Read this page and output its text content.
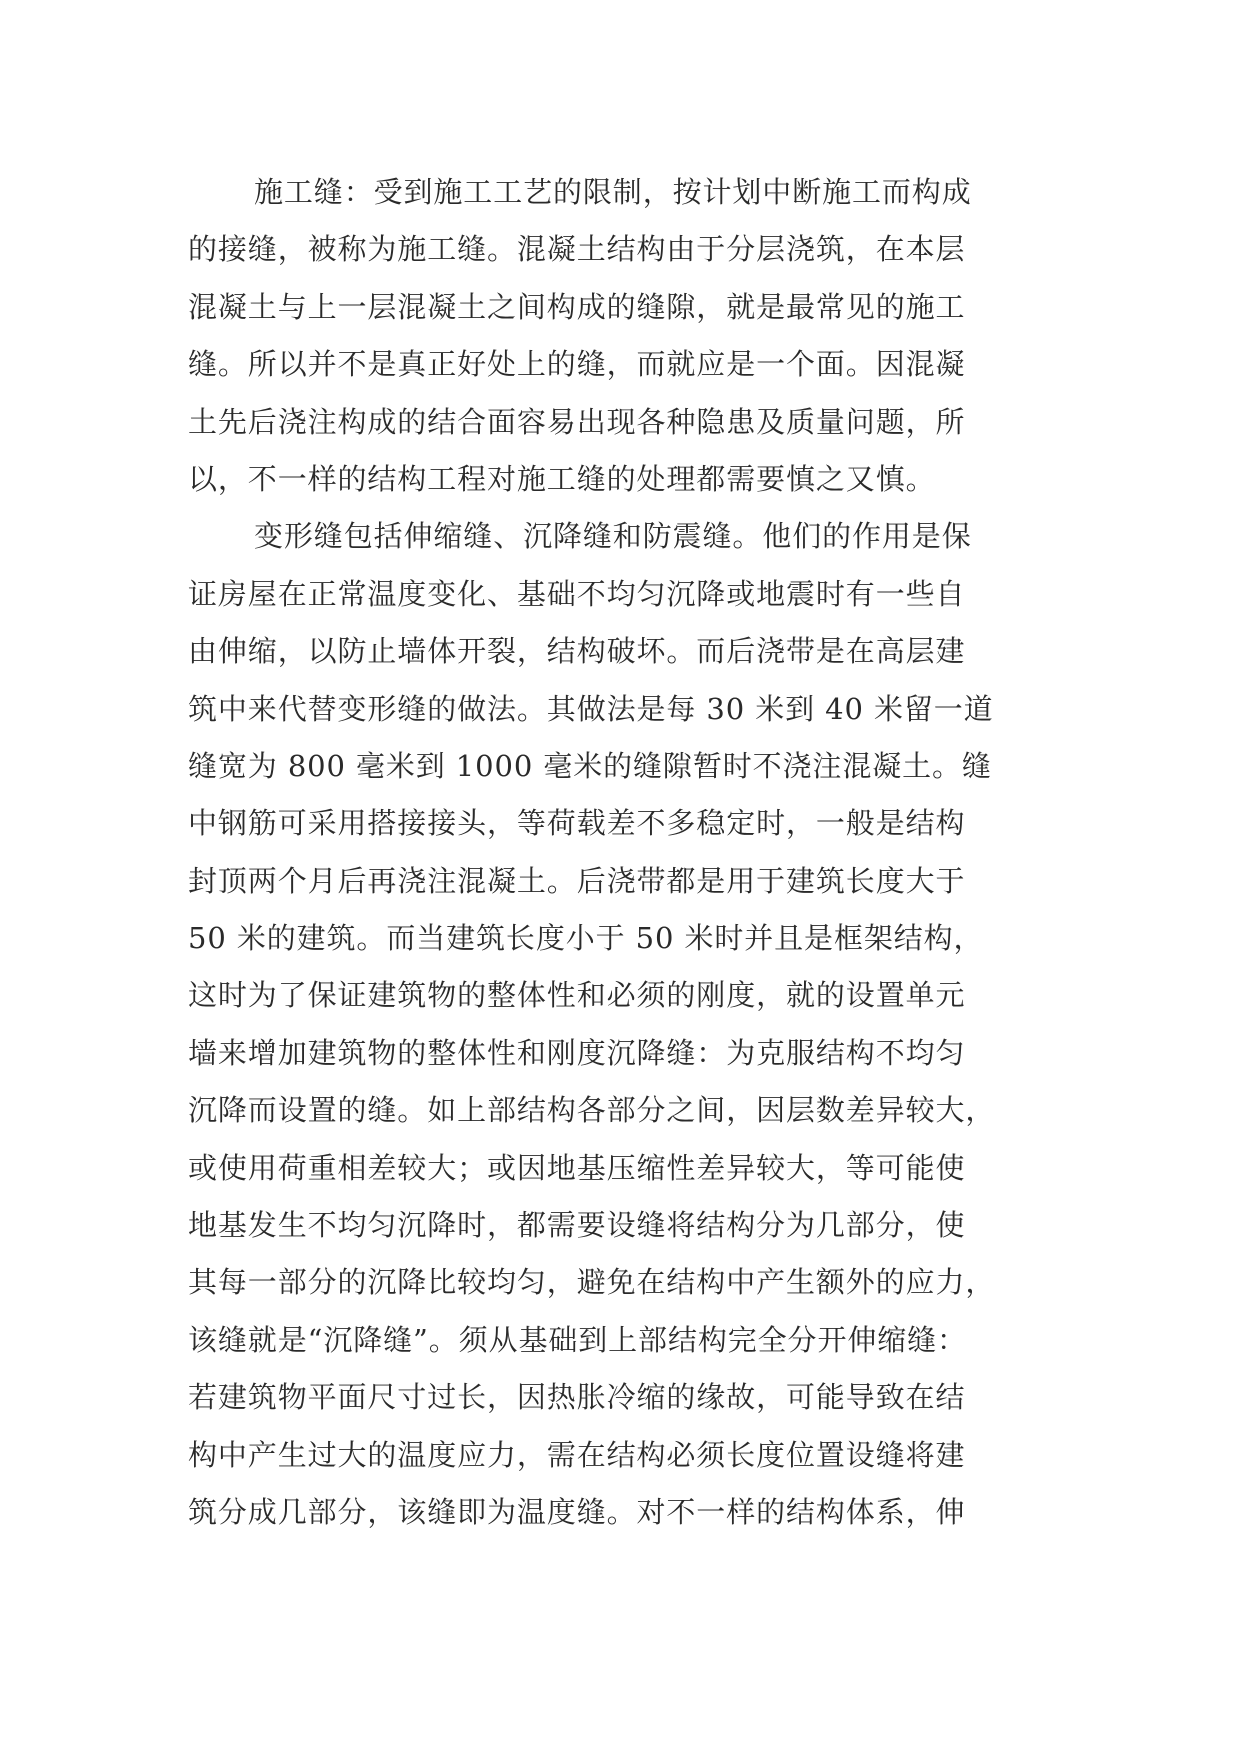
施工缝：受到施工工艺的限制，按计划中断施工而构成
的接缝，被称为施工缝。混凝土结构由于分层浇筑，在本层
混凝土与上一层混凝土之间构成的缝隙，就是最常见的施工
缝。所以并不是真正好处上的缝，而就应是一个面。因混凝
土先后浇注构成的结合面容易出现各种隐患及质量问题，所
以，不一样的结构工程对施工缝的处理都需要慎之又慎。
变形缝包括伸缩缝、沉降缝和防震缝。他们的作用是保
证房屋在正常温度变化、基础不均匀沉降或地震时有一些自
由伸缩，以防止墙体开裂，结构破坏。而后浇带是在高层建
筑中来代替变形缝的做法。其做法是每 30 米到 40 米留一道
缝宽为 800 毫米到 1000 毫米的缝隙暂时不浇注混凝土。缝
中钢筋可采用搭接接头，等荷载差不多稳定时，一般是结构
封顶两个月后再浇注混凝土。后浇带都是用于建筑长度大于
50 米的建筑。而当建筑长度小于 50 米时并且是框架结构，
这时为了保证建筑物的整体性和必须的刚度，就的设置单元
墙来增加建筑物的整体性和刚度沉降缝：为克服结构不均匀
沉降而设置的缝。如上部结构各部分之间，因层数差异较大，
或使用荷重相差较大；或因地基压缩性差异较大，等可能使
地基发生不均匀沉降时，都需要设缝将结构分为几部分，使
其每一部分的沉降比较均匀，避免在结构中产生额外的应力，
该缝就是“沉降缝”。须从基础到上部结构完全分开伸缩缝：
若建筑物平面尺寸过长，因热胀冷缩的缘故，可能导致在结
构中产生过大的温度应力，需在结构必须长度位置设缝将建
筑分成几部分，该缝即为温度缝。对不一样的结构体系，伸
